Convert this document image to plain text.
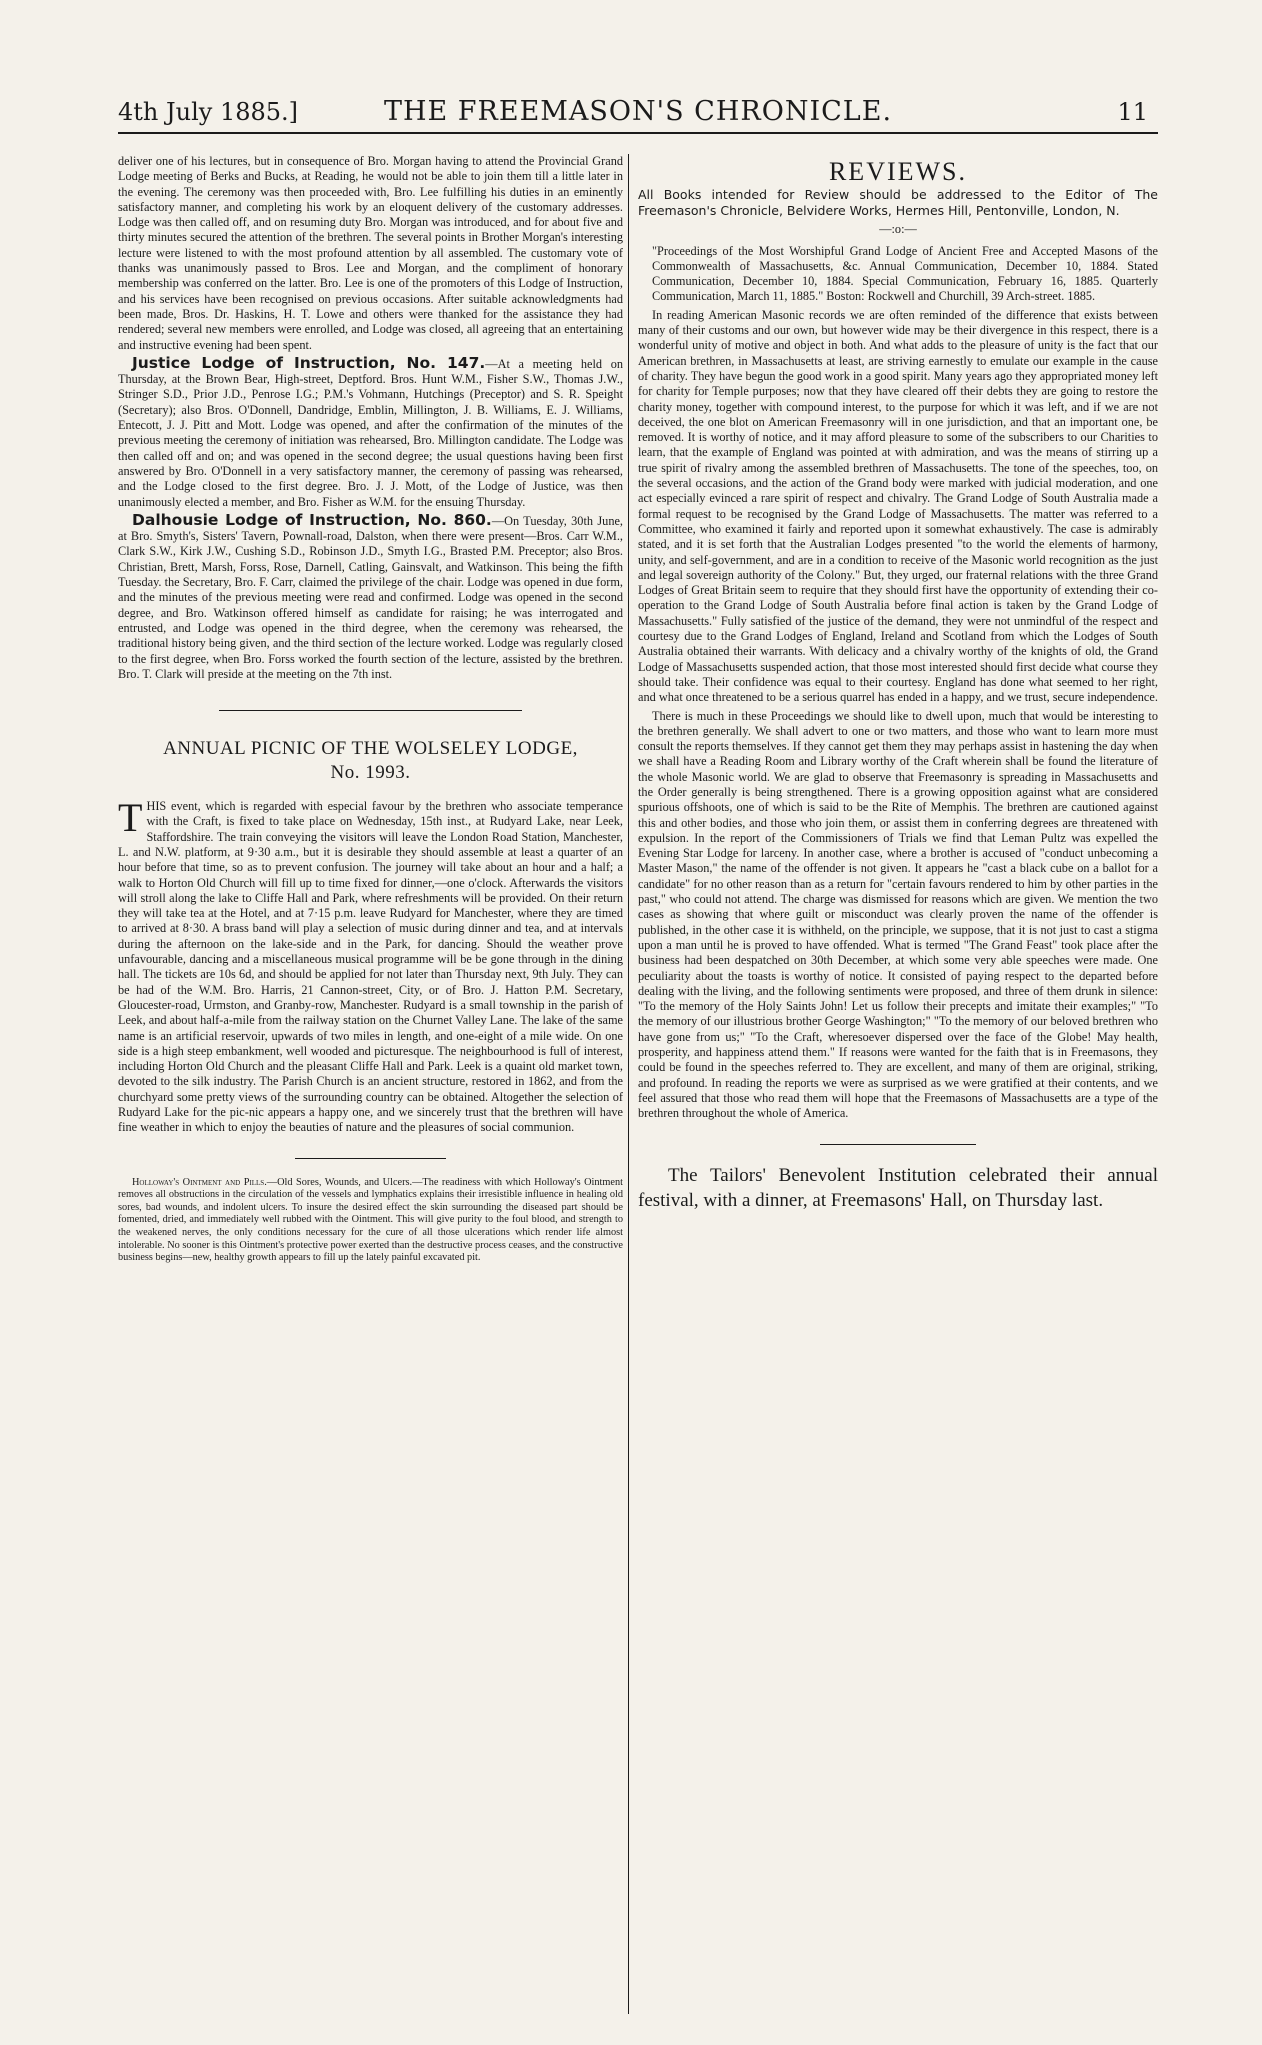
4th July 1885.]	THE FREEMASON'S CHRONICLE.	11

deliver one of his lectures, but in consequence of Bro. Morgan having to attend the Provincial Grand Lodge meeting of Berks and Bucks, at Reading, he would not be able to join them till a little later in the evening. The ceremony was then proceeded with, Bro. Lee fulfilling his duties in an eminently satisfactory manner, and completing his work by an eloquent delivery of the customary addresses. Lodge was then called off, and on resuming duty Bro. Morgan was introduced, and for about five and thirty minutes secured the attention of the brethren. The several points in Brother Morgan's interesting lecture were listened to with the most profound attention by all assembled. The customary vote of thanks was unanimously passed to Bros. Lee and Morgan, and the compliment of honorary membership was conferred on the latter. Bro. Lee is one of the promoters of this Lodge of Instruction, and his services have been recognised on previous occasions. After suitable acknowledgments had been made, Bros. Dr. Haskins, H. T. Lowe and others were thanked for the assistance they had rendered; several new members were enrolled, and Lodge was closed, all agreeing that an entertaining and instructive evening had been spent.

Justice Lodge of Instruction, No. 147.—At a meeting held on Thursday, at the Brown Bear, High-street, Deptford. Bros. Hunt W.M., Fisher S.W., Thomas J.W., Stringer S.D., Prior J.D., Penrose I.G.; P.M.'s Vohmann, Hutchings (Preceptor) and S. R. Speight (Secretary); also Bros. O'Donnell, Dandridge, Emblin, Millington, J. B. Williams, E. J. Williams, Entecott, J. J. Pitt and Mott. Lodge was opened, and after the confirmation of the minutes of the previous meeting the ceremony of initiation was rehearsed, Bro. Millington candidate. The Lodge was then called off and on; and was opened in the second degree; the usual questions having been first answered by Bro. O'Donnell in a very satisfactory manner, the ceremony of passing was rehearsed, and the Lodge closed to the first degree. Bro. J. J. Mott, of the Lodge of Justice, was then unanimously elected a member, and Bro. Fisher as W.M. for the ensuing Thursday.

Dalhousie Lodge of Instruction, No. 860.—On Tuesday, 30th June, at Bro. Smyth's, Sisters' Tavern, Pownall-road, Dalston, when there were present—Bros. Carr W.M., Clark S.W., Kirk J.W., Cushing S.D., Robinson J.D., Smyth I.G., Brasted P.M. Preceptor; also Bros. Christian, Brett, Marsh, Forss, Rose, Darnell, Catling, Gainsvalt, and Watkinson. This being the fifth Tuesday. the Secretary, Bro. F. Carr, claimed the privilege of the chair. Lodge was opened in due form, and the minutes of the previous meeting were read and confirmed. Lodge was opened in the second degree, and Bro. Watkinson offered himself as candidate for raising; he was interrogated and entrusted, and Lodge was opened in the third degree, when the ceremony was rehearsed, the traditional history being given, and the third section of the lecture worked. Lodge was regularly closed to the first degree, when Bro. Forss worked the fourth section of the lecture, assisted by the brethren. Bro. T. Clark will preside at the meeting on the 7th inst.

ANNUAL PICNIC OF THE WOLSELEY LODGE,
No. 1993.

THIS event, which is regarded with especial favour by the brethren who associate temperance with the Craft, is fixed to take place on Wednesday, 15th inst., at Rudyard Lake, near Leek, Staffordshire. The train conveying the visitors will leave the London Road Station, Manchester, L. and N.W. platform, at 9·30 a.m., but it is desirable they should assemble at least a quarter of an hour before that time, so as to prevent confusion. The journey will take about an hour and a half; a walk to Horton Old Church will fill up to time fixed for dinner,—one o'clock. Afterwards the visitors will stroll along the lake to Cliffe Hall and Park, where refreshments will be provided. On their return they will take tea at the Hotel, and at 7·15 p.m. leave Rudyard for Manchester, where they are timed to arrived at 8·30. A brass band will play a selection of music during dinner and tea, and at intervals during the afternoon on the lake-side and in the Park, for dancing. Should the weather prove unfavourable, dancing and a miscellaneous musical programme will be be gone through in the dining hall. The tickets are 10s 6d, and should be applied for not later than Thursday next, 9th July. They can be had of the W.M. Bro. Harris, 21 Cannon-street, City, or of Bro. J. Hatton P.M. Secretary, Gloucester-road, Urmston, and Granby-row, Manchester. Rudyard is a small township in the parish of Leek, and about half-a-mile from the railway station on the Churnet Valley Lane. The lake of the same name is an artificial reservoir, upwards of two miles in length, and one-eight of a mile wide. On one side is a high steep embankment, well wooded and picturesque. The neighbourhood is full of interest, including Horton Old Church and the pleasant Cliffe Hall and Park. Leek is a quaint old market town, devoted to the silk industry. The Parish Church is an ancient structure, restored in 1862, and from the churchyard some pretty views of the surrounding country can be obtained. Altogether the selection of Rudyard Lake for the pic-nic appears a happy one, and we sincerely trust that the brethren will have fine weather in which to enjoy the beauties of nature and the pleasures of social communion.

Holloway's Ointment and Pills.—Old Sores, Wounds, and Ulcers.—The readiness with which Holloway's Ointment removes all obstructions in the circulation of the vessels and lymphatics explains their irresistible influence in healing old sores, bad wounds, and indolent ulcers. To insure the desired effect the skin surrounding the diseased part should be fomented, dried, and immediately well rubbed with the Ointment. This will give purity to the foul blood, and strength to the weakened nerves, the only conditions necessary for the cure of all those ulcerations which render life almost intolerable. No sooner is this Ointment's protective power exerted than the destructive process ceases, and the constructive business begins—new, healthy growth appears to fill up the lately painful excavated pit.

REVIEWS.

All Books intended for Review should be addressed to the Editor of The Freemason's Chronicle, Belvidere Works, Hermes Hill, Pentonville, London, N.

—:o:—

"Proceedings of the Most Worshipful Grand Lodge of Ancient Free and Accepted Masons of the Commonwealth of Massachusetts, &c. Annual Communication, December 10, 1884. Stated Communication, December 10, 1884. Special Communication, February 16, 1885. Quarterly Communication, March 11, 1885." Boston: Rockwell and Churchill, 39 Arch-street. 1885.

In reading American Masonic records we are often reminded of the difference that exists between many of their customs and our own, but however wide may be their divergence in this respect, there is a wonderful unity of motive and object in both. And what adds to the pleasure of unity is the fact that our American brethren, in Massachusetts at least, are striving earnestly to emulate our example in the cause of charity. They have begun the good work in a good spirit. Many years ago they appropriated money left for charity for Temple purposes; now that they have cleared off their debts they are going to restore the charity money, together with compound interest, to the purpose for which it was left, and if we are not deceived, the one blot on American Freemasonry will in one jurisdiction, and that an important one, be removed. It is worthy of notice, and it may afford pleasure to some of the subscribers to our Charities to learn, that the example of England was pointed at with admiration, and was the means of stirring up a true spirit of rivalry among the assembled brethren of Massachusetts. The tone of the speeches, too, on the several occasions, and the action of the Grand body were marked with judicial moderation, and one act especially evinced a rare spirit of respect and chivalry. The Grand Lodge of South Australia made a formal request to be recognised by the Grand Lodge of Massachusetts. The matter was referred to a Committee, who examined it fairly and reported upon it somewhat exhaustively. The case is admirably stated, and it is set forth that the Australian Lodges presented "to the world the elements of harmony, unity, and self-government, and are in a condition to receive of the Masonic world recognition as the just and legal sovereign authority of the Colony." But, they urged, our fraternal relations with the three Grand Lodges of Great Britain seem to require that they should first have the opportunity of extending their co-operation to the Grand Lodge of South Australia before final action is taken by the Grand Lodge of Massachusetts." Fully satisfied of the justice of the demand, they were not unmindful of the respect and courtesy due to the Grand Lodges of England, Ireland and Scotland from which the Lodges of South Australia obtained their warrants. With delicacy and a chivalry worthy of the knights of old, the Grand Lodge of Massachusetts suspended action, that those most interested should first decide what course they should take. Their confidence was equal to their courtesy. England has done what seemed to her right, and what once threatened to be a serious quarrel has ended in a happy, and we trust, secure independence.

There is much in these Proceedings we should like to dwell upon, much that would be interesting to the brethren generally. We shall advert to one or two matters, and those who want to learn more must consult the reports themselves. If they cannot get them they may perhaps assist in hastening the day when we shall have a Reading Room and Library worthy of the Craft wherein shall be found the literature of the whole Masonic world. We are glad to observe that Freemasonry is spreading in Massachusetts and the Order generally is being strengthened. There is a growing opposition against what are considered spurious offshoots, one of which is said to be the Rite of Memphis. The brethren are cautioned against this and other bodies, and those who join them, or assist them in conferring degrees are threatened with expulsion. In the report of the Commissioners of Trials we find that Leman Pultz was expelled the Evening Star Lodge for larceny. In another case, where a brother is accused of "conduct unbecoming a Master Mason," the name of the offender is not given. It appears he "cast a black cube on a ballot for a candidate" for no other reason than as a return for "certain favours rendered to him by other parties in the past," who could not attend. The charge was dismissed for reasons which are given. We mention the two cases as showing that where guilt or misconduct was clearly proven the name of the offender is published, in the other case it is withheld, on the principle, we suppose, that it is not just to cast a stigma upon a man until he is proved to have offended. What is termed "The Grand Feast" took place after the business had been despatched on 30th December, at which some very able speeches were made. One peculiarity about the toasts is worthy of notice. It consisted of paying respect to the departed before dealing with the living, and the following sentiments were proposed, and three of them drunk in silence: "To the memory of the Holy Saints John! Let us follow their precepts and imitate their examples;" "To the memory of our illustrious brother George Washington;" "To the memory of our beloved brethren who have gone from us;" "To the Craft, wheresoever dispersed over the face of the Globe! May health, prosperity, and happiness attend them." If reasons were wanted for the faith that is in Freemasons, they could be found in the speeches referred to. They are excellent, and many of them are original, striking, and profound. In reading the reports we were as surprised as we were gratified at their contents, and we feel assured that those who read them will hope that the Freemasons of Massachusetts are a type of the brethren throughout the whole of America.

The Tailors' Benevolent Institution celebrated their annual festival, with a dinner, at Freemasons' Hall, on Thursday last.
